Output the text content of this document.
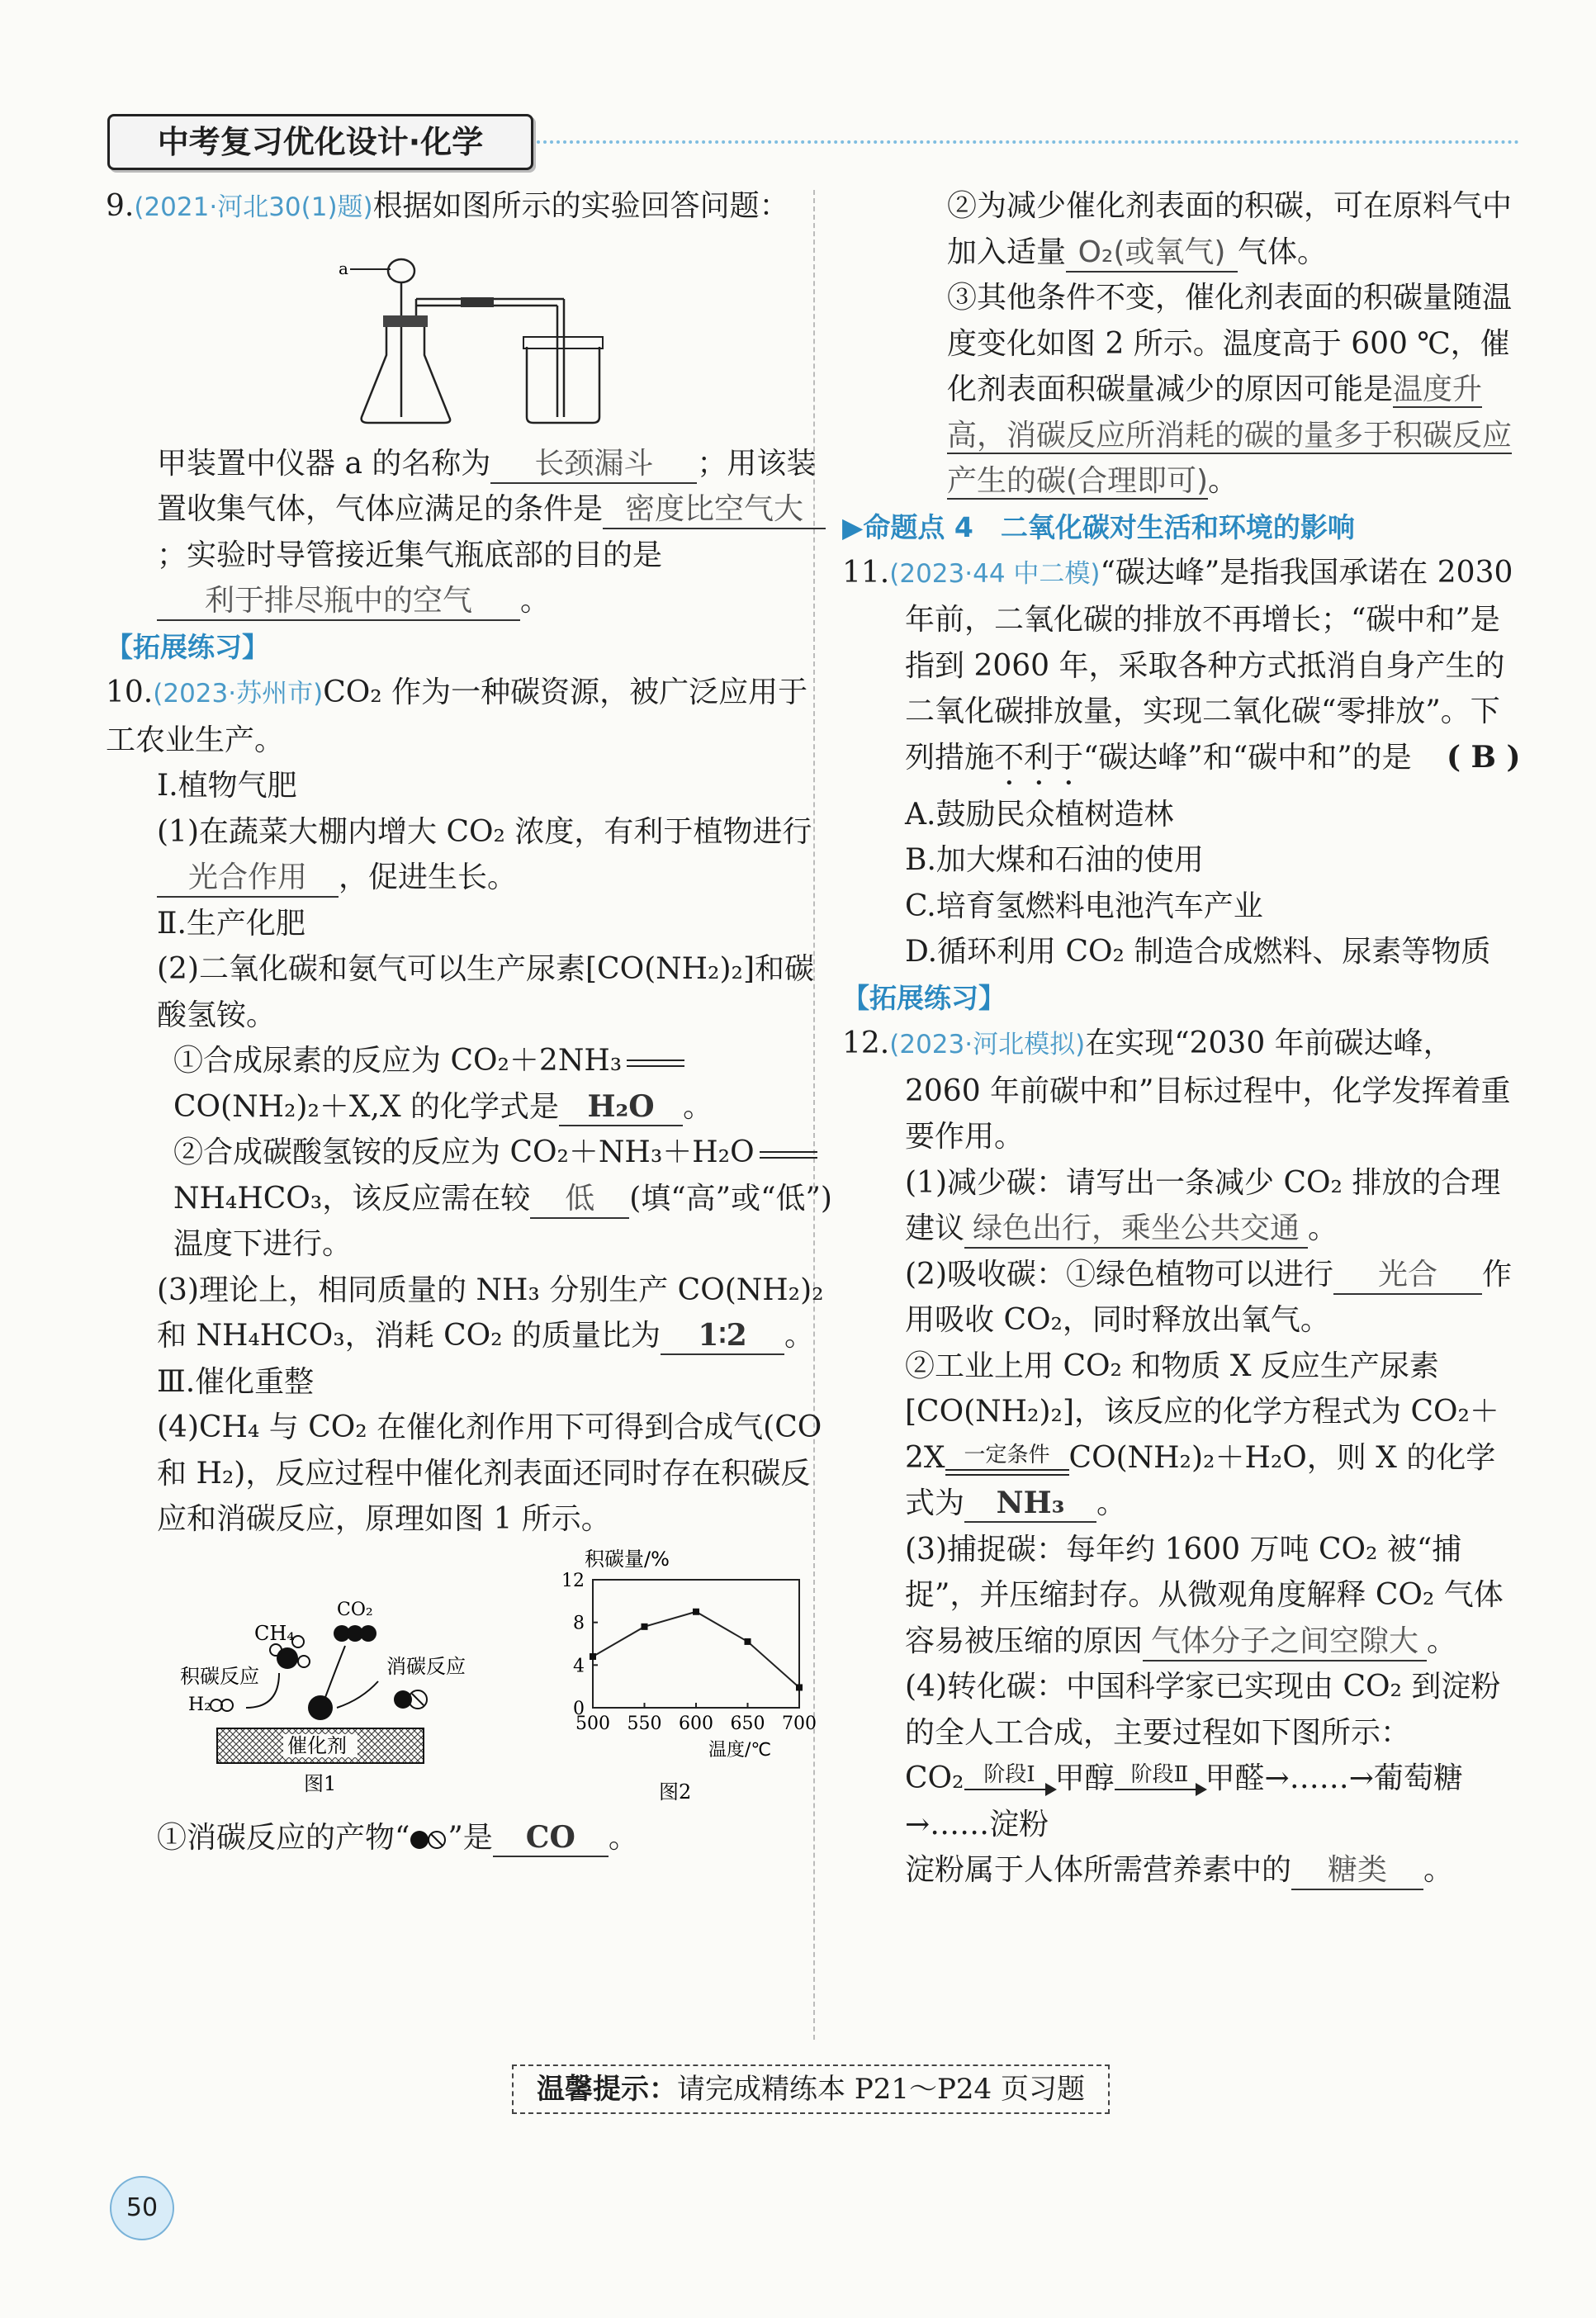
中考复习优化设计·化学

9.(2021·河北30(1)题)根据如图所示的实验回答问题：

a

甲装置中仪器 a 的名称为 长颈漏斗 ；用该装置收集气体，气体应满足的条件是 密度比空气大；实验时导管接近集气瓶底部的目的是利于排尽瓶中的空气 。

【拓展练习】

10.(2023·苏州市)CO₂ 作为一种碳资源，被广泛应用于工农业生产。

Ⅰ.植物气肥

(1)在蔬菜大棚内增大 CO₂ 浓度，有利于植物进行光合作用 ，促进生长。

Ⅱ.生产化肥

(2)二氧化碳和氨气可以生产尿素[CO(NH₂)₂]和碳酸氢铵。

①合成尿素的反应为 CO₂＋2NH₃CO(NH₂)₂＋X,X 的化学式是 H₂O 。

②合成碳酸氢铵的反应为 CO₂＋NH₃＋H₂ONH₄HCO₃，该反应需在较 低 (填“高”或“低”)温度下进行。

(3)理论上，相同质量的 NH₃ 分别生产 CO(NH₂)₂和 NH₄HCO₃，消耗 CO₂ 的质量比为 1∶2 。

Ⅲ.催化重整

(4)CH₄ 与 CO₂ 在催化剂作用下可得到合成气(CO 和 H₂)，反应过程中催化剂表面还同时存在积碳反应和消碳反应，原理如图 1 所示。

CH₄
CO₂
积碳反应
H₂
消碳反应
催化剂
图1
积碳量/%
温度/℃
图2
0
4
8
12
500 550 600 650 700

①消碳反应的产物“ ”是 CO 。

②为减少催化剂表面的积碳，可在原料气中加入适量 O₂(或氧气) 气体。

③其他条件不变，催化剂表面的积碳量随温度变化如图 2 所示。温度高于 600 ℃，催化剂表面积碳量减少的原因可能是温度升高，消碳反应所消耗的碳的量多于积碳反应产生的碳(合理即可)。

▶命题点 4　二氧化碳对生活和环境的影响

11.(2023·44 中二模)“碳达峰”是指我国承诺在 2030 年前，二氧化碳的排放不再增长；“碳中和”是指到 2060 年，采取各种方式抵消自身产生的二氧化碳排放量，实现二氧化碳“零排放”。下列措施不利于“碳达峰”和“碳中和”的是 ( B )

A.鼓励民众植树造林

B.加大煤和石油的使用

C.培育氢燃料电池汽车产业

D.循环利用 CO₂ 制造合成燃料、尿素等物质

【拓展练习】

12.(2023·河北模拟)在实现“2030 年前碳达峰，2060 年前碳中和”目标过程中，化学发挥着重要作用。

(1)减少碳：请写出一条减少 CO₂ 排放的合理建议 绿色出行，乘坐公共交通 。

(2)吸收碳：①绿色植物可以进行 光合 作用吸收 CO₂，同时释放出氧气。

②工业上用 CO₂ 和物质 X 反应生产尿素[CO(NH₂)₂]，该反应的化学方程式为 CO₂＋2X 一定条件 CO(NH₂)₂＋H₂O，则 X 的化学式为 NH₃ 。

(3)捕捉碳：每年约 1600 万吨 CO₂ 被“捕捉”，并压缩封存。从微观角度解释 CO₂ 气体容易被压缩的原因 气体分子之间空隙大 。

(4)转化碳：中国科学家已实现由 CO₂ 到淀粉的全人工合成，主要过程如下图所示：

CO₂ 阶段Ⅰ 甲醇 阶段Ⅱ 甲醛→……→葡萄糖→……淀粉

淀粉属于人体所需营养素中的 糖类 。

温馨提示：请完成精练本 P21～P24 页习题
50
